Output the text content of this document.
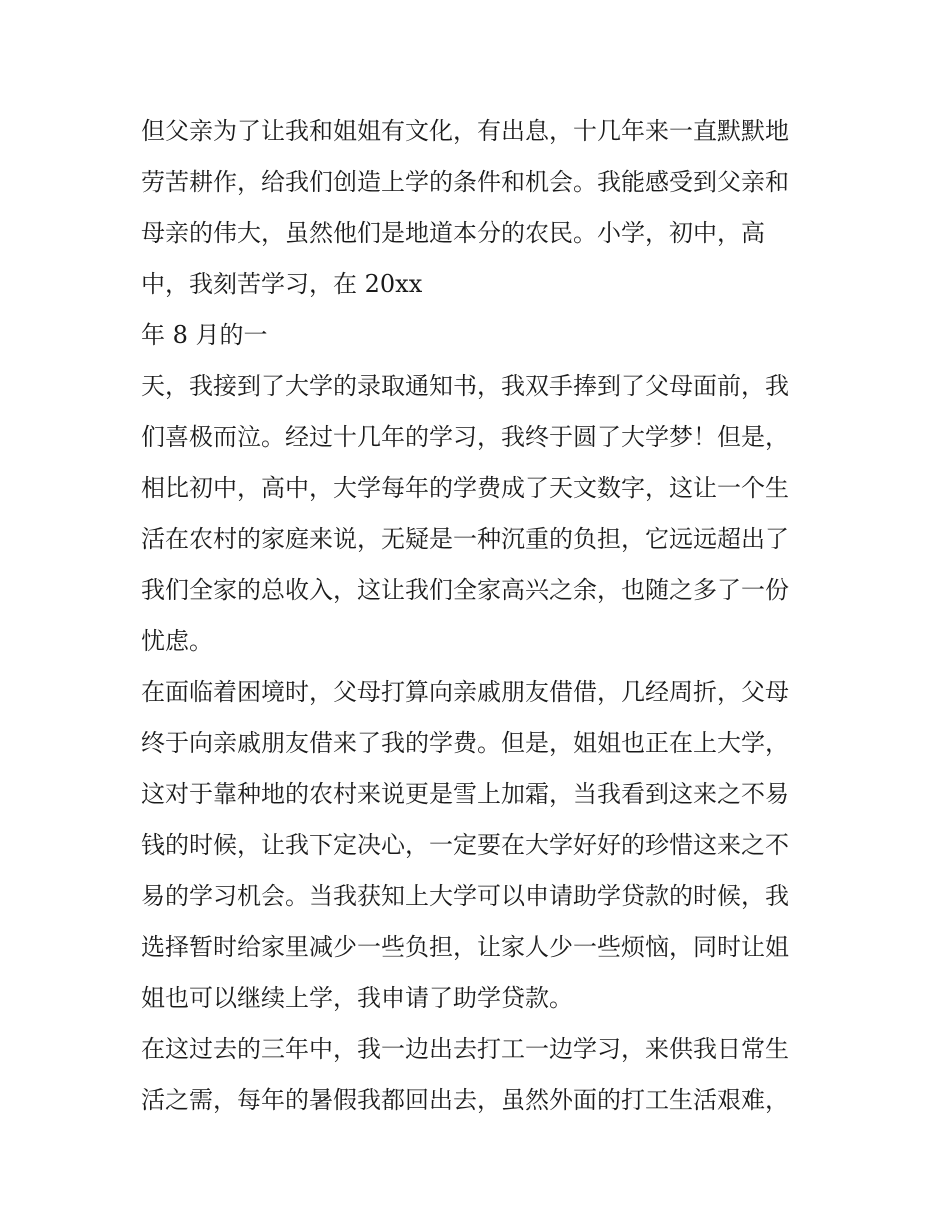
但父亲为了让我和姐姐有文化，有出息，十几年来一直默默地
劳苦耕作，给我们创造上学的条件和机会。我能感受到父亲和
母亲的伟大，虽然他们是地道本分的农民。小学，初中，高
中，我刻苦学习，在 20xx
年 8 月的一
天，我接到了大学的录取通知书，我双手捧到了父母面前，我
们喜极而泣。经过十几年的学习，我终于圆了大学梦！但是，
相比初中，高中，大学每年的学费成了天文数字，这让一个生
活在农村的家庭来说，无疑是一种沉重的负担，它远远超出了
我们全家的总收入，这让我们全家高兴之余，也随之多了一份
忧虑。
在面临着困境时，父母打算向亲戚朋友借借，几经周折，父母
终于向亲戚朋友借来了我的学费。但是，姐姐也正在上大学，
这对于靠种地的农村来说更是雪上加霜，当我看到这来之不易
钱的时候，让我下定决心，一定要在大学好好的珍惜这来之不
易的学习机会。当我获知上大学可以申请助学贷款的时候，我
选择暂时给家里减少一些负担，让家人少一些烦恼，同时让姐
姐也可以继续上学，我申请了助学贷款。
在这过去的三年中，我一边出去打工一边学习，来供我日常生
活之需，每年的暑假我都回出去，虽然外面的打工生活艰难，
